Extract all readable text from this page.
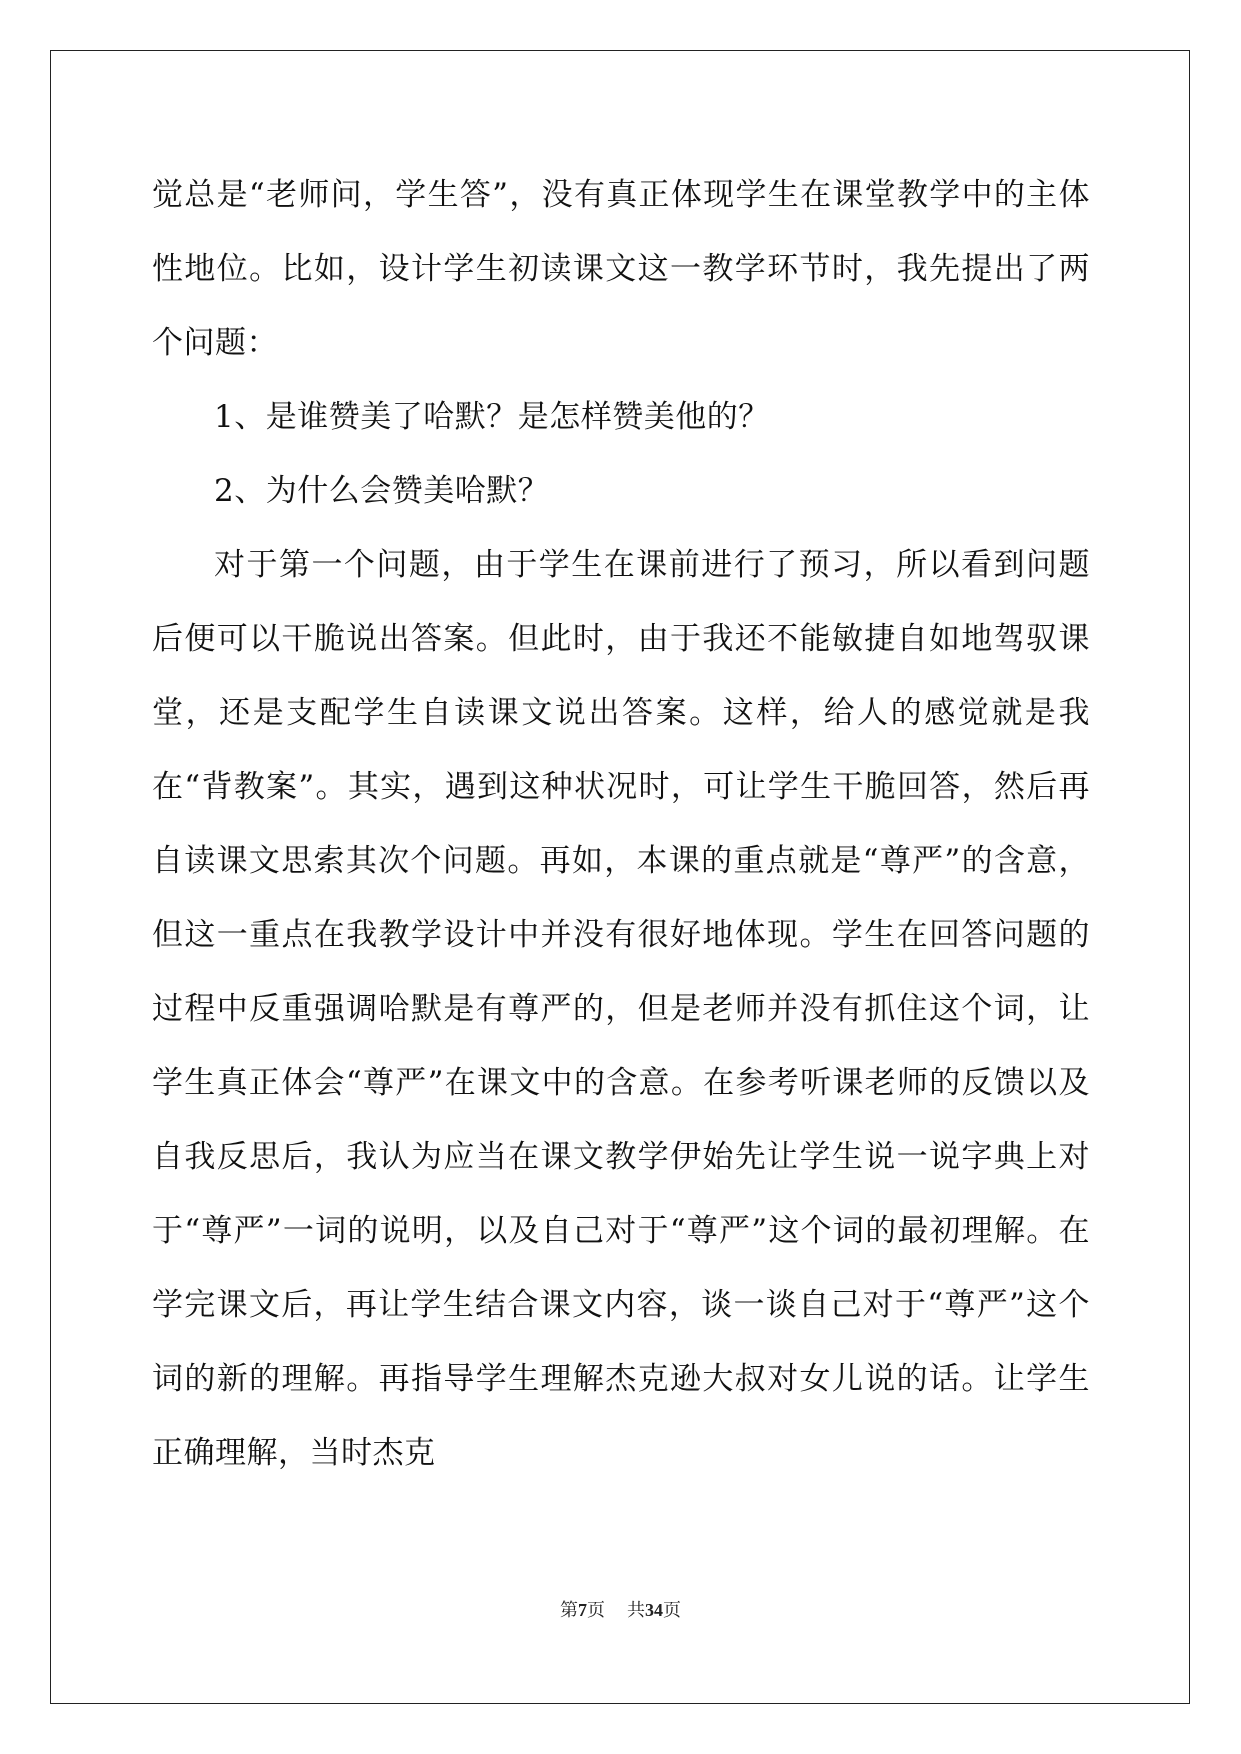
觉总是“老师问，学生答”，没有真正体现学生在课堂教学中的主体性地位。比如，设计学生初读课文这一教学环节时，我先提出了两个问题：

1、是谁赞美了哈默？是怎样赞美他的？

2、为什么会赞美哈默？

对于第一个问题，由于学生在课前进行了预习，所以看到问题后便可以干脆说出答案。但此时，由于我还不能敏捷自如地驾驭课堂，还是支配学生自读课文说出答案。这样，给人的感觉就是我在“背教案”。其实，遇到这种状况时，可让学生干脆回答，然后再自读课文思索其次个问题。再如，本课的重点就是“尊严”的含意，但这一重点在我教学设计中并没有很好地体现。学生在回答问题的过程中反重强调哈默是有尊严的，但是老师并没有抓住这个词，让学生真正体会“尊严”在课文中的含意。在参考听课老师的反馈以及自我反思后，我认为应当在课文教学伊始先让学生说一说字典上对于“尊严”一词的说明，以及自己对于“尊严”这个词的最初理解。在学完课文后，再让学生结合课文内容，谈一谈自己对于“尊严”这个词的新的理解。再指导学生理解杰克逊大叔对女儿说的话。让学生正确理解，当时杰克

第7页 共34页
